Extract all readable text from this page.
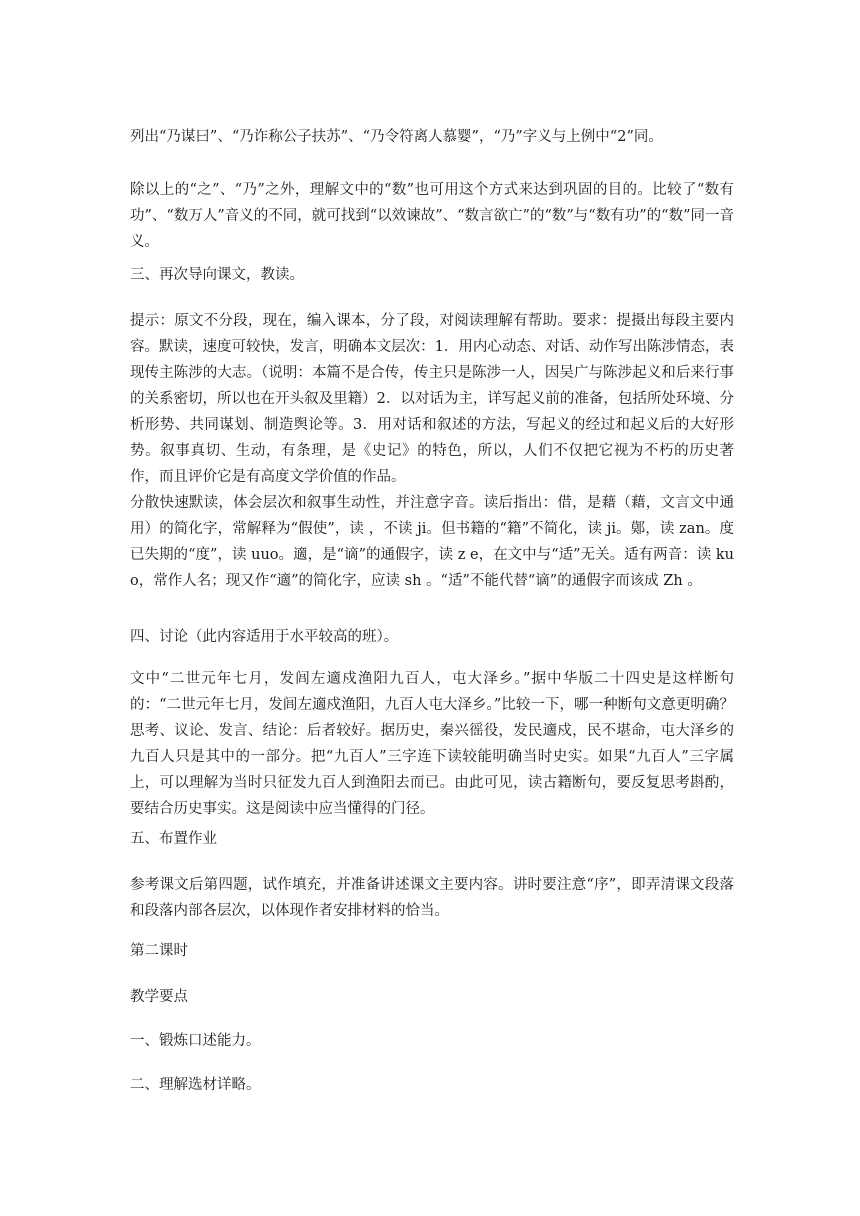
列出“乃谋曰”、“乃诈称公子扶苏”、“乃令符离人慕婴”，“乃”字义与上例中“2”同。

除以上的“之”、“乃”之外，理解文中的“数”也可用这个方式来达到巩固的目的。比较了“数有功”、“数万人”音义的不同，就可找到“以效谏故”、“数言欲亡”的“数”与“数有功”的“数”同一音义。

三、再次导向课文，教读。

提示：原文不分段，现在，编入课本，分了段，对阅读理解有帮助。要求：提摄出每段主要内容。默读，速度可较快，发言，明确本文层次：1．用内心动态、对话、动作写出陈涉情态，表现传主陈涉的大志。（说明：本篇不是合传，传主只是陈涉一人，因吴广与陈涉起义和后来行事的关系密切，所以也在开头叙及里籍）2．以对话为主，详写起义前的准备，包括所处环境、分析形势、共同谋划、制造舆论等。3．用对话和叙述的方法，写起义的经过和起义后的大好形势。叙事真切、生动，有条理，是《史记》的特色，所以，人们不仅把它视为不朽的历史著作，而且评价它是有高度文学价值的作品。

分散快速默读，体会层次和叙事生动性，并注意字音。读后指出：借，是藉（藉，文言文中通用）的简化字，常解释为“假使”，读 ，不读 ji。但书籍的“籍”不简化，读 ji。鄚，读 zan。度已失期的“度”，读 uuo。適，是“谪”的通假字，读 z e，在文中与“适”无关。适有两音：读 kuo，常作人名；现又作“適”的简化字，应读 sh 。“适”不能代替“谪”的通假字而该成 Zh 。

四、讨论（此内容适用于水平较高的班）。

文中“二世元年七月，发闾左適戍渔阳九百人，屯大泽乡。”据中华版二十四史是这样断句的：“二世元年七月，发闾左適戍渔阳，九百人屯大泽乡。”比较一下，哪一种断句文意更明确？思考、议论、发言、结论：后者较好。据历史，秦兴徭役，发民適戍，民不堪命，屯大泽乡的九百人只是其中的一部分。把“九百人”三字连下读较能明确当时史实。如果“九百人”三字属上，可以理解为当时只征发九百人到渔阳去而已。由此可见，读古籍断句，要反复思考斟酌，要结合历史事实。这是阅读中应当懂得的门径。

五、布置作业

参考课文后第四题，试作填充，并准备讲述课文主要内容。讲时要注意“序”，即弄清课文段落和段落内部各层次，以体现作者安排材料的恰当。

第二课时

教学要点

一、锻炼口述能力。

二、理解选材详略。
